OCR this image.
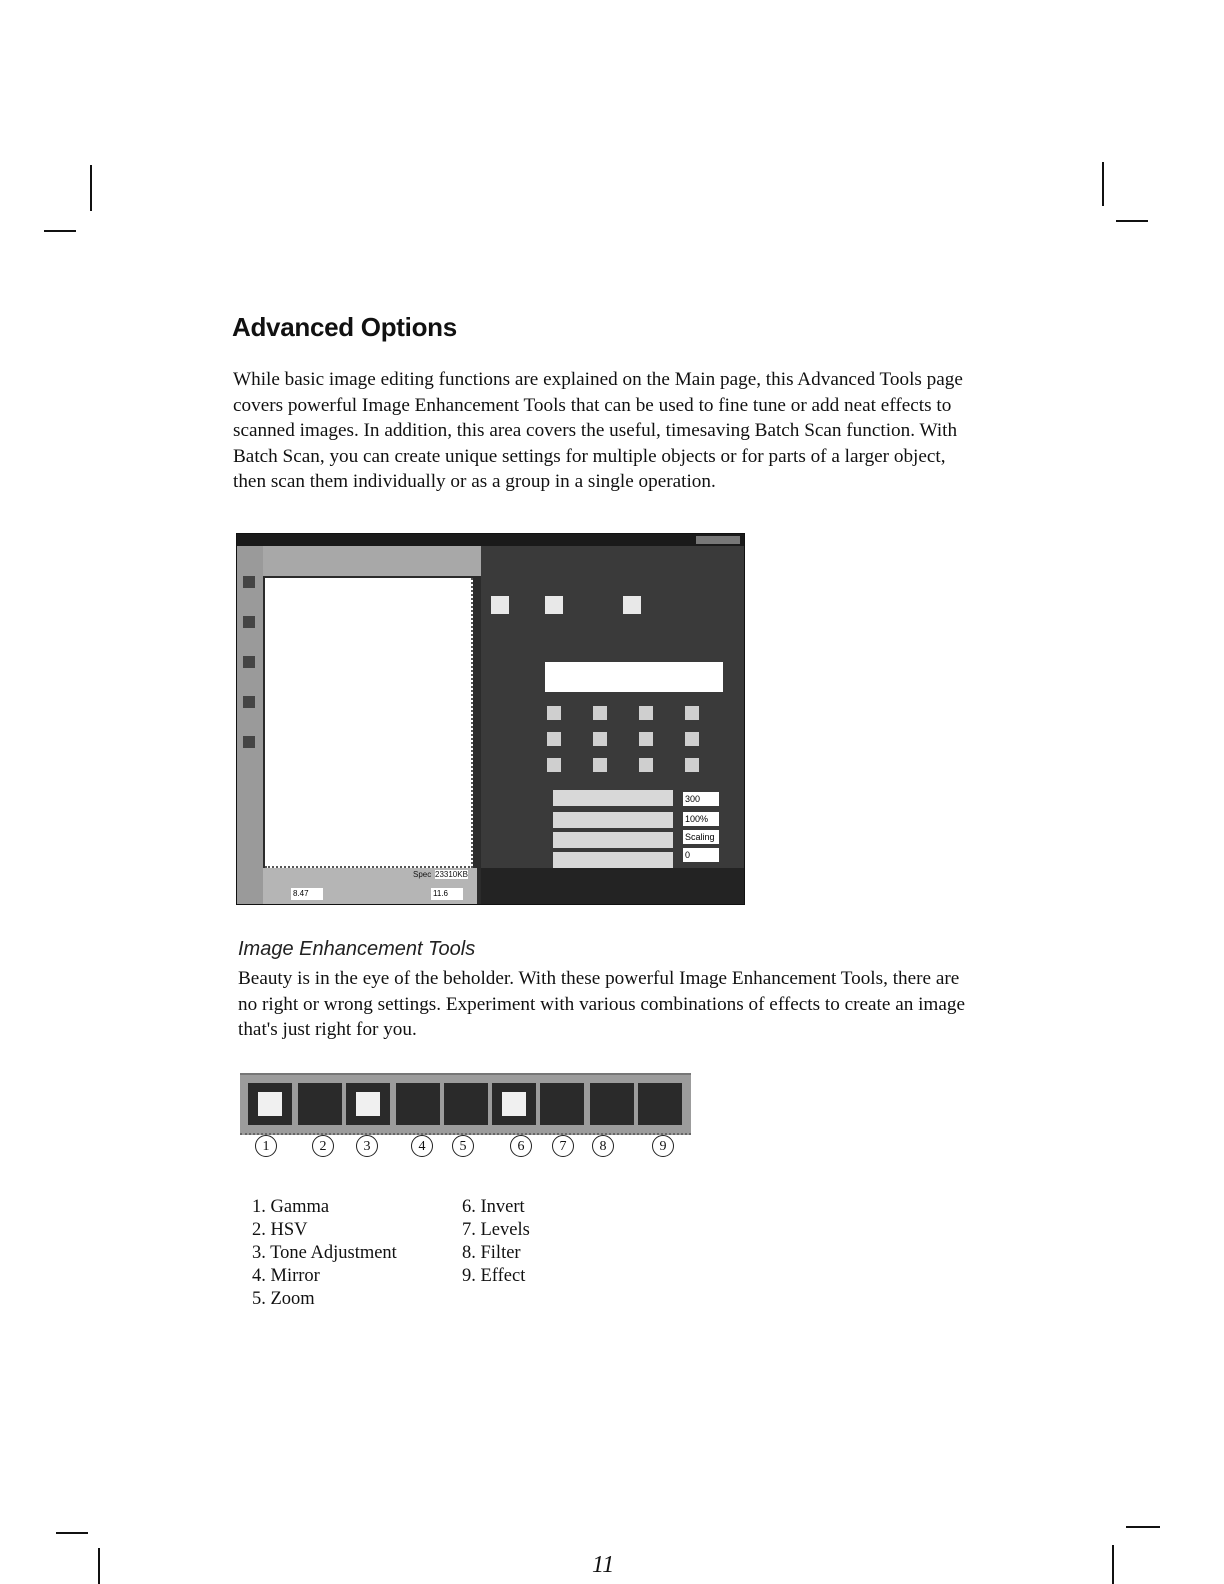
Advanced Options

While basic image editing functions are explained on the Main page, this Advanced Tools page covers powerful Image Enhancement Tools that can be used to fine tune or add neat effects to scanned images. In addition, this area covers the useful, timesaving Batch Scan function. With Batch Scan, you can create unique settings for multiple objects or for parts of a larger object, then scan them individually or as a group in a single operation.

Spec 23310KB
8.47	11.6
300
100%
Scaling
0
Image Enhancement Tools

Beauty is in the eye of the beholder. With these powerful Image Enhancement Tools, there are no right or wrong settings. Experiment with various combinations of effects to create an image that's just right for you.

1	2	3	4	5	6	7	8	9
1. Gamma
2. HSV
3. Tone Adjustment
4. Mirror
5. Zoom
6. Invert
7. Levels
8. Filter
9. Effect
11
